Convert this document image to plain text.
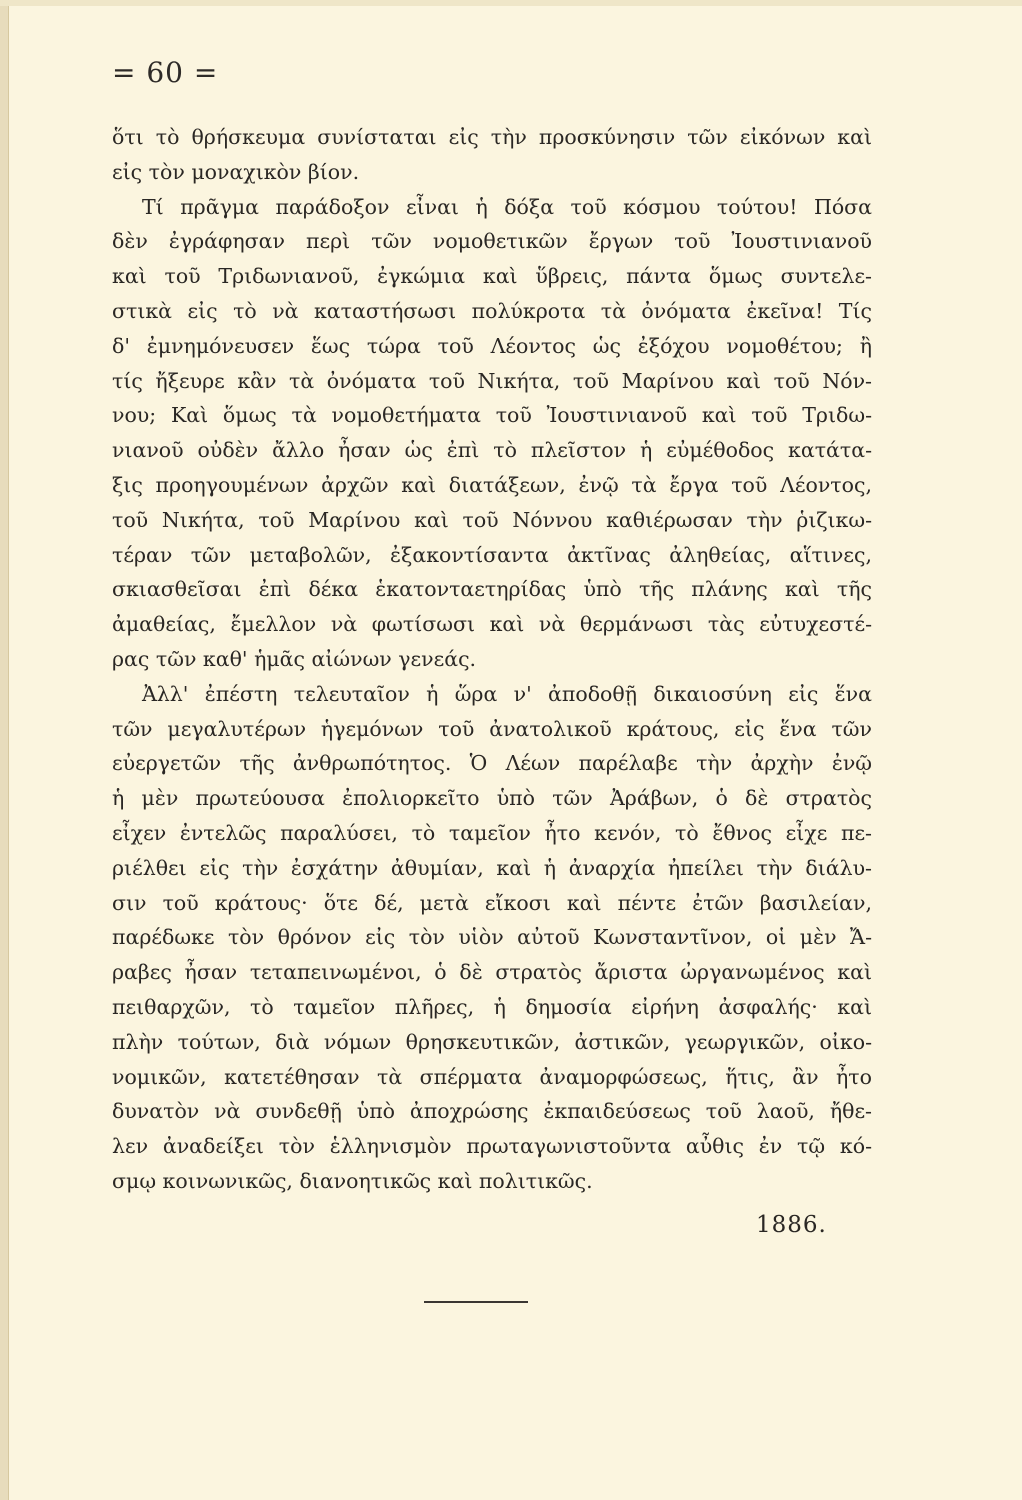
= 60 =
ὅτι τὸ θρήσκευμα συνίσταται εἰς τὴν προσκύνησιν τῶν εἰκόνων καὶ
εἰς τὸν μοναχικὸν βίον.
Τί πρᾶγμα παράδοξον εἶναι ἡ δόξα τοῦ κόσμου τούτου! Πόσα
δὲν ἐγράφησαν περὶ τῶν νομοθετικῶν ἔργων τοῦ Ἰουστινιανοῦ
καὶ τοῦ Τριδωνιανοῦ, ἐγκώμια καὶ ὕβρεις, πάντα ὅμως συντελε-
στικὰ εἰς τὸ νὰ καταστήσωσι πολύκροτα τὰ ὀνόματα ἐκεῖνα! Τίς
δ' ἐμνημόνευσεν ἕως τώρα τοῦ Λέοντος ὡς ἐξόχου νομοθέτου; ἢ
τίς ἤξευρε κἂν τὰ ὀνόματα τοῦ Νικήτα, τοῦ Μαρίνου καὶ τοῦ Νόν-
νου; Καὶ ὅμως τὰ νομοθετήματα τοῦ Ἰουστινιανοῦ καὶ τοῦ Τριδω-
νιανοῦ οὐδὲν ἄλλο ἦσαν ὡς ἐπὶ τὸ πλεῖστον ἡ εὐμέθοδος κατάτα-
ξις προηγουμένων ἀρχῶν καὶ διατάξεων, ἐνῷ τὰ ἔργα τοῦ Λέοντος,
τοῦ Νικήτα, τοῦ Μαρίνου καὶ τοῦ Νόννου καθιέρωσαν τὴν ῥιζικω-
τέραν τῶν μεταβολῶν, ἐξακοντίσαντα ἀκτῖνας ἀληθείας, αἵτινες,
σκιασθεῖσαι ἐπὶ δέκα ἑκατονταετηρίδας ὑπὸ τῆς πλάνης καὶ τῆς
ἀμαθείας, ἔμελλον νὰ φωτίσωσι καὶ νὰ θερμάνωσι τὰς εὐτυχεστέ-
ρας τῶν καθ' ἡμᾶς αἰώνων γενεάς.
Ἀλλ' ἐπέστη τελευταῖον ἡ ὥρα ν' ἀποδοθῇ δικαιοσύνη εἰς ἕνα
τῶν μεγαλυτέρων ἡγεμόνων τοῦ ἀνατολικοῦ κράτους, εἰς ἕνα τῶν
εὐεργετῶν τῆς ἀνθρωπότητος. Ὁ Λέων παρέλαβε τὴν ἀρχὴν ἐνῷ
ἡ μὲν πρωτεύουσα ἐπολιορκεῖτο ὑπὸ τῶν Ἀράβων, ὁ δὲ στρατὸς
εἶχεν ἐντελῶς παραλύσει, τὸ ταμεῖον ἦτο κενόν, τὸ ἔθνος εἶχε πε-
ριέλθει εἰς τὴν ἐσχάτην ἀθυμίαν, καὶ ἡ ἀναρχία ἠπείλει τὴν διάλυ-
σιν τοῦ κράτους· ὅτε δέ, μετὰ εἴκοσι καὶ πέντε ἐτῶν βασιλείαν,
παρέδωκε τὸν θρόνον εἰς τὸν υἱὸν αὐτοῦ Κωνσταντῖνον, οἱ μὲν Ἄ-
ραβες ἦσαν τεταπεινωμένοι, ὁ δὲ στρατὸς ἄριστα ὠργανωμένος καὶ
πειθαρχῶν, τὸ ταμεῖον πλῆρες, ἡ δημοσία εἰρήνη ἀσφαλής· καὶ
πλὴν τούτων, διὰ νόμων θρησκευτικῶν, ἀστικῶν, γεωργικῶν, οἰκο-
νομικῶν, κατετέθησαν τὰ σπέρματα ἀναμορφώσεως, ἥτις, ἂν ἦτο
δυνατὸν νὰ συνδεθῇ ὑπὸ ἀποχρώσης ἐκπαιδεύσεως τοῦ λαοῦ, ἤθε-
λεν ἀναδείξει τὸν ἑλληνισμὸν πρωταγωνιστοῦντα αὖθις ἐν τῷ κό-
σμῳ κοινωνικῶς, διανοητικῶς καὶ πολιτικῶς.
1886.
